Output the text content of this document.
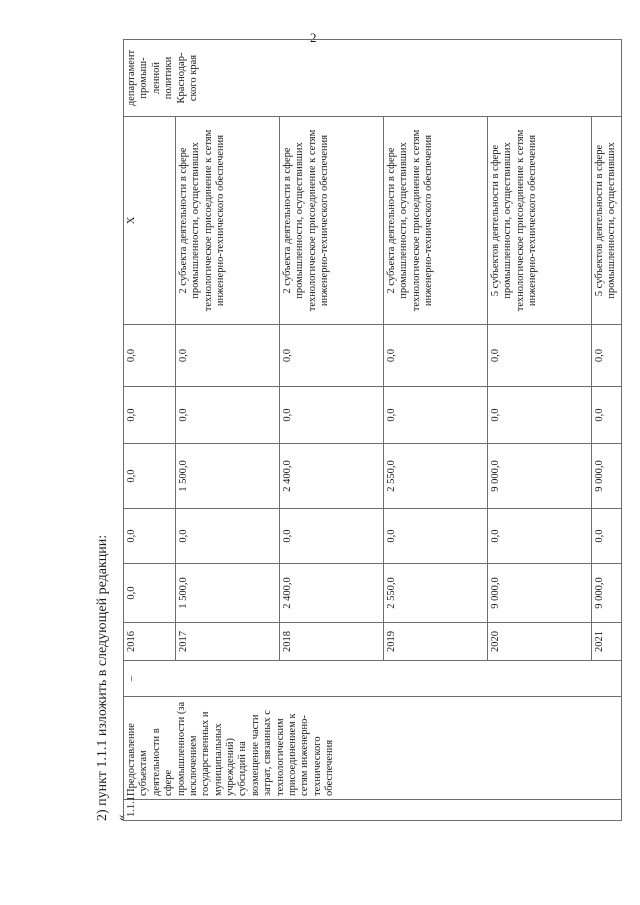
2
2) пункт 1.1.1 изложить в следующей редакции: «
1.1.1	Предоставление субъектам деятельности в сфере промышленности (за исключением государственных и муниципальных учреждений) субсидий на возмещение части затрат, связанных с технологическим присоединением к сетям инженерно-технического обеспечения	–	2016	0,0	0,0	0,0	0,0	0,0	Х	департамент промыш-ленной политики Краснодар-ского края
			2017	1 500,0	0,0	1 500,0	0,0	0,0	2 субъекта деятельности в сфере промышленности, осуществивших технологическое присоединение к сетям инженерно-технического обеспечения	
			2018	2 400,0	0,0	2 400,0	0,0	0,0	2 субъекта деятельности в сфере промышленности, осуществивших технологическое присоединение к сетям инженерно-технического обеспечения	
			2019	2 550,0	0,0	2 550,0	0,0	0,0	2 субъекта деятельности в сфере промышленности, осуществивших технологическое присоединение к сетям инженерно-технического обеспечения	
			2020	9 000,0	0,0	9 000,0	0,0	0,0	5 субъектов деятельности в сфере промышленности, осуществивших технологическое присоединение к сетям инженерно-технического обеспечения	
			2021	9 000,0	0,0	9 000,0	0,0	0,0	5 субъектов деятельности в сфере промышленности, осуществивших	
